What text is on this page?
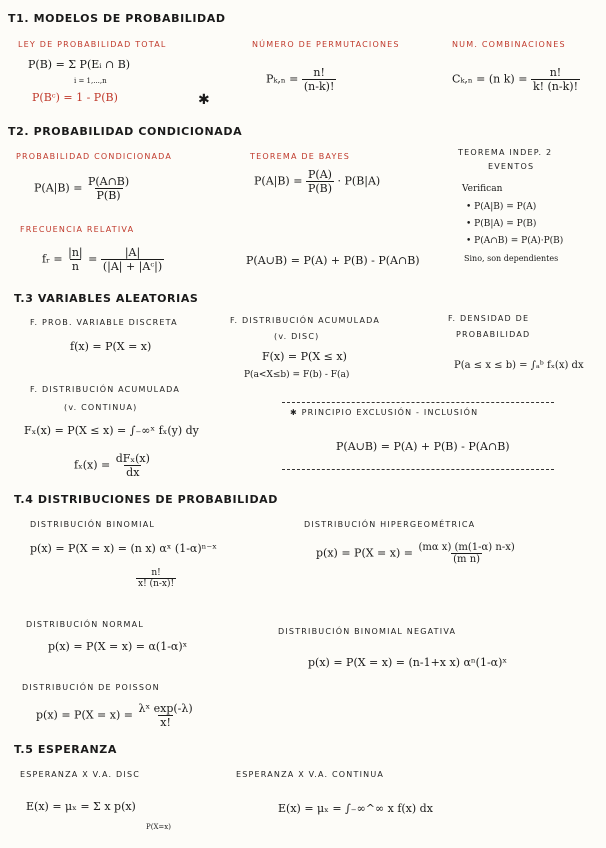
T1. MODELOS DE PROBABILIDAD
LEY DE PROBABILIDAD TOTAL
P(B) = Σ P(Eᵢ ∩ B)
i = 1,...,n
P(Bᶜ) = 1 - P(B)	✱
NÚMERO DE PERMUTACIONES
$P_k,_n = \frac{n!}{(n-k)!}$
NUM. COMBINACIONES
Cₖ,ₙ = (n $k) = \frac{n!}{k! (n-k)!}$
T2. PROBABILIDAD CONDICIONADA
PROBABILIDAD CONDICIONADA
$P(A|B) = \frac{P(A\cap B)}{P(B)}$
TEOREMA DE BAYES
$P(A|B) = \frac{P(A)}{P(B)} \cdot P(B|A)$
TEOREMA INDEP. 2
EVENTOS
Verifican
• P(A|B) = P(A)
• P(B|A) = P(B)
• P(A∩B) = P(A)·P(B)
Sino, son dependientes
FRECUENCIA RELATIVA
fᵣ = $\frac{|n|}{n} = \frac{|A|}{\text{(|A| + |Aᶜ|)}}$	P(A∪B) = P(A) + P(B) - P(A∩B)
T.3 VARIABLES ALEATORIAS
F. PROB. VARIABLE DISCRETA
f(x) = P(X = x)
F. DISTRIBUCIÓN ACUMULADA
(v. DISC)
F(x) = P(X ≤ x)
P(a<X≤b) = F(b) - F(a)
F. DENSIDAD DE
PROBABILIDAD
P(a ≤ x ≤ b) = ∫ₐᵇ fₓ(x) dx
F. DISTRIBUCIÓN ACUMULADA
(v. CONTINUA)
Fₓ(x) = P(X ≤ x) = ∫₋∞ˣ fₓ(y) dy
$f_x(x) = \frac{\text{dFₓ(x)}}{dx}$
✱ PRINCIPIO EXCLUSIÓN - INCLUSIÓN
P(A∪B) = P(A) + P(B) - P(A∩B)
T.4 DISTRIBUCIONES DE PROBABILIDAD
DISTRIBUCIÓN BINOMIAL
p(x) = P(X = x) = (n x) αˣ (1-α)ⁿ⁻ˣ
$\frac{n!}{x! (n-x)!}$
DISTRIBUCIÓN HIPERGEOMÉTRICA
$p(x) = P(X = x) = \frac{\text{(mα x) (m(1-α) n-x)}}{\text{(m n)}}$
DISTRIBUCIÓN NORMAL
p(x) = P(X = x) = α(1-α)ˣ
DISTRIBUCIÓN BINOMIAL NEGATIVA
p(x) = P(X = x) = (n-1+x x) αⁿ(1-α)ˣ
DISTRIBUCIÓN DE POISSON
$p(x) = P(X = x) = \frac{\text{λˣ exp(-λ)}}{x!}$
T.5 ESPERANZA
ESPERANZA X V.A. DISC
E(x) = μₓ = Σ x p(x)
P(X=x)
ESPERANZA X V.A. CONTINUA
E(x) = μₓ = ∫₋∞^∞ x f(x) dx
